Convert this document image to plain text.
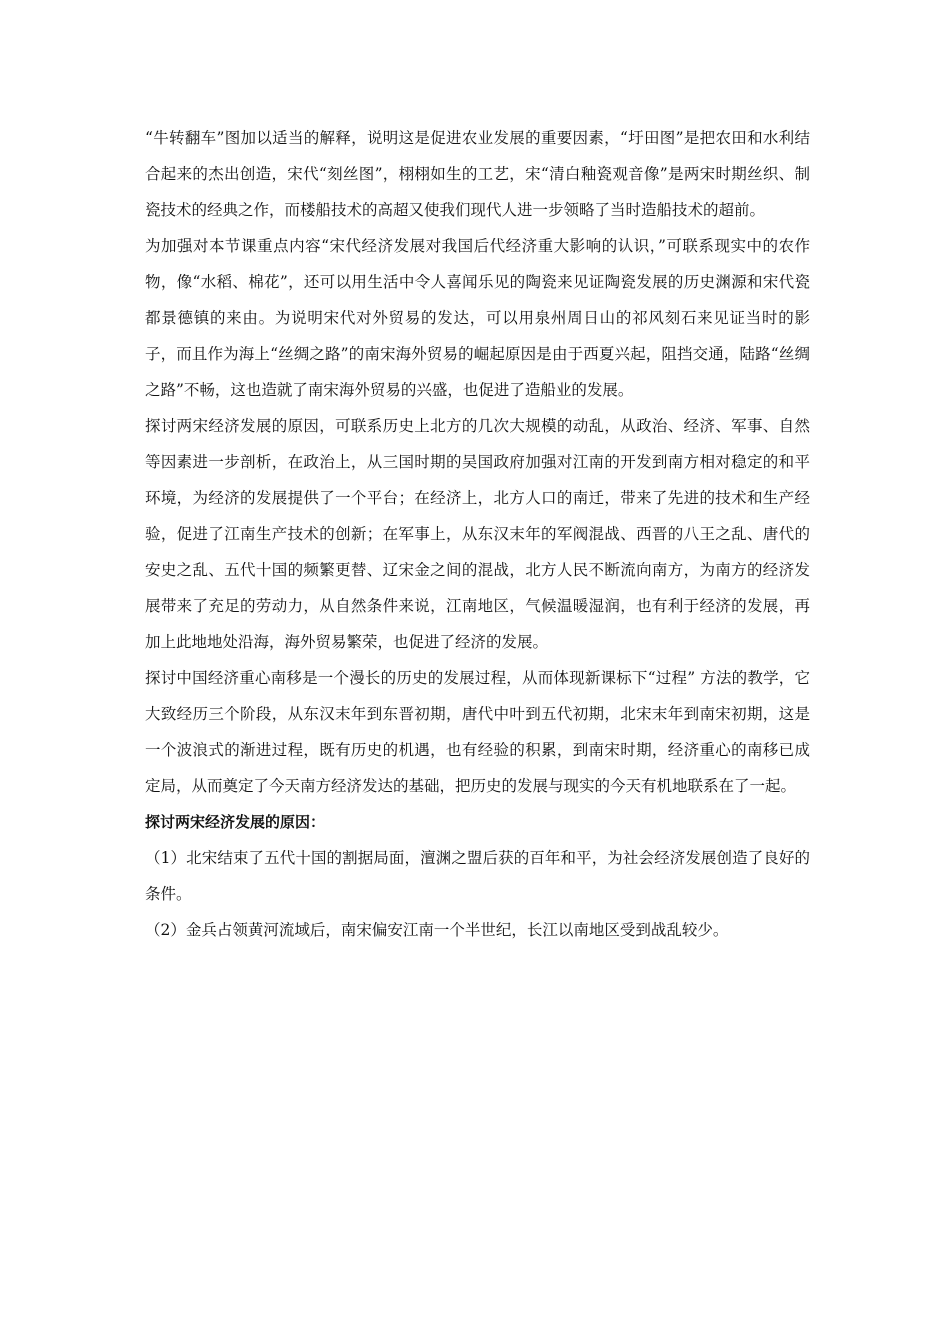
“牛转翻车”图加以适当的解释，说明这是促进农业发展的重要因素，“圩田图”是把农田和水利结合起来的杰出创造，宋代“刻丝图”，栩栩如生的工艺，宋“清白釉瓷观音像”是两宋时期丝织、制瓷技术的经典之作，而楼船技术的高超又使我们现代人进一步领略了当时造船技术的超前。

为加强对本节课重点内容“宋代经济发展对我国后代经济重大影响的认识，”可联系现实中的农作物，像“水稻、棉花”，还可以用生活中令人喜闻乐见的陶瓷来见证陶瓷发展的历史渊源和宋代瓷都景德镇的来由。为说明宋代对外贸易的发达，可以用泉州周日山的祁风刻石来见证当时的影子，而且作为海上“丝绸之路”的南宋海外贸易的崛起原因是由于西夏兴起，阻挡交通，陆路“丝绸之路”不畅，这也造就了南宋海外贸易的兴盛，也促进了造船业的发展。

探讨两宋经济发展的原因，可联系历史上北方的几次大规模的动乱，从政治、经济、军事、自然等因素进一步剖析，在政治上，从三国时期的吴国政府加强对江南的开发到南方相对稳定的和平环境，为经济的发展提供了一个平台；在经济上，北方人口的南迁，带来了先进的技术和生产经验，促进了江南生产技术的创新；在军事上，从东汉末年的军阀混战、西晋的八王之乱、唐代的安史之乱、五代十国的频繁更替、辽宋金之间的混战，北方人民不断流向南方，为南方的经济发展带来了充足的劳动力，从自然条件来说，江南地区，气候温暖湿润，也有利于经济的发展，再加上此地地处沿海，海外贸易繁荣，也促进了经济的发展。

探讨中国经济重心南移是一个漫长的历史的发展过程，从而体现新课标下“过程” 方法的教学，它大致经历三个阶段，从东汉末年到东晋初期，唐代中叶到五代初期，北宋末年到南宋初期，这是一个波浪式的渐进过程，既有历史的机遇，也有经验的积累，到南宋时期，经济重心的南移已成定局，从而奠定了今天南方经济发达的基础，把历史的发展与现实的今天有机地联系在了一起。

探讨两宋经济发展的原因：

（1）北宋结束了五代十国的割据局面，澶渊之盟后获的百年和平，为社会经济发展创造了良好的条件。

（2）金兵占领黄河流域后，南宋偏安江南一个半世纪，长江以南地区受到战乱较少。
